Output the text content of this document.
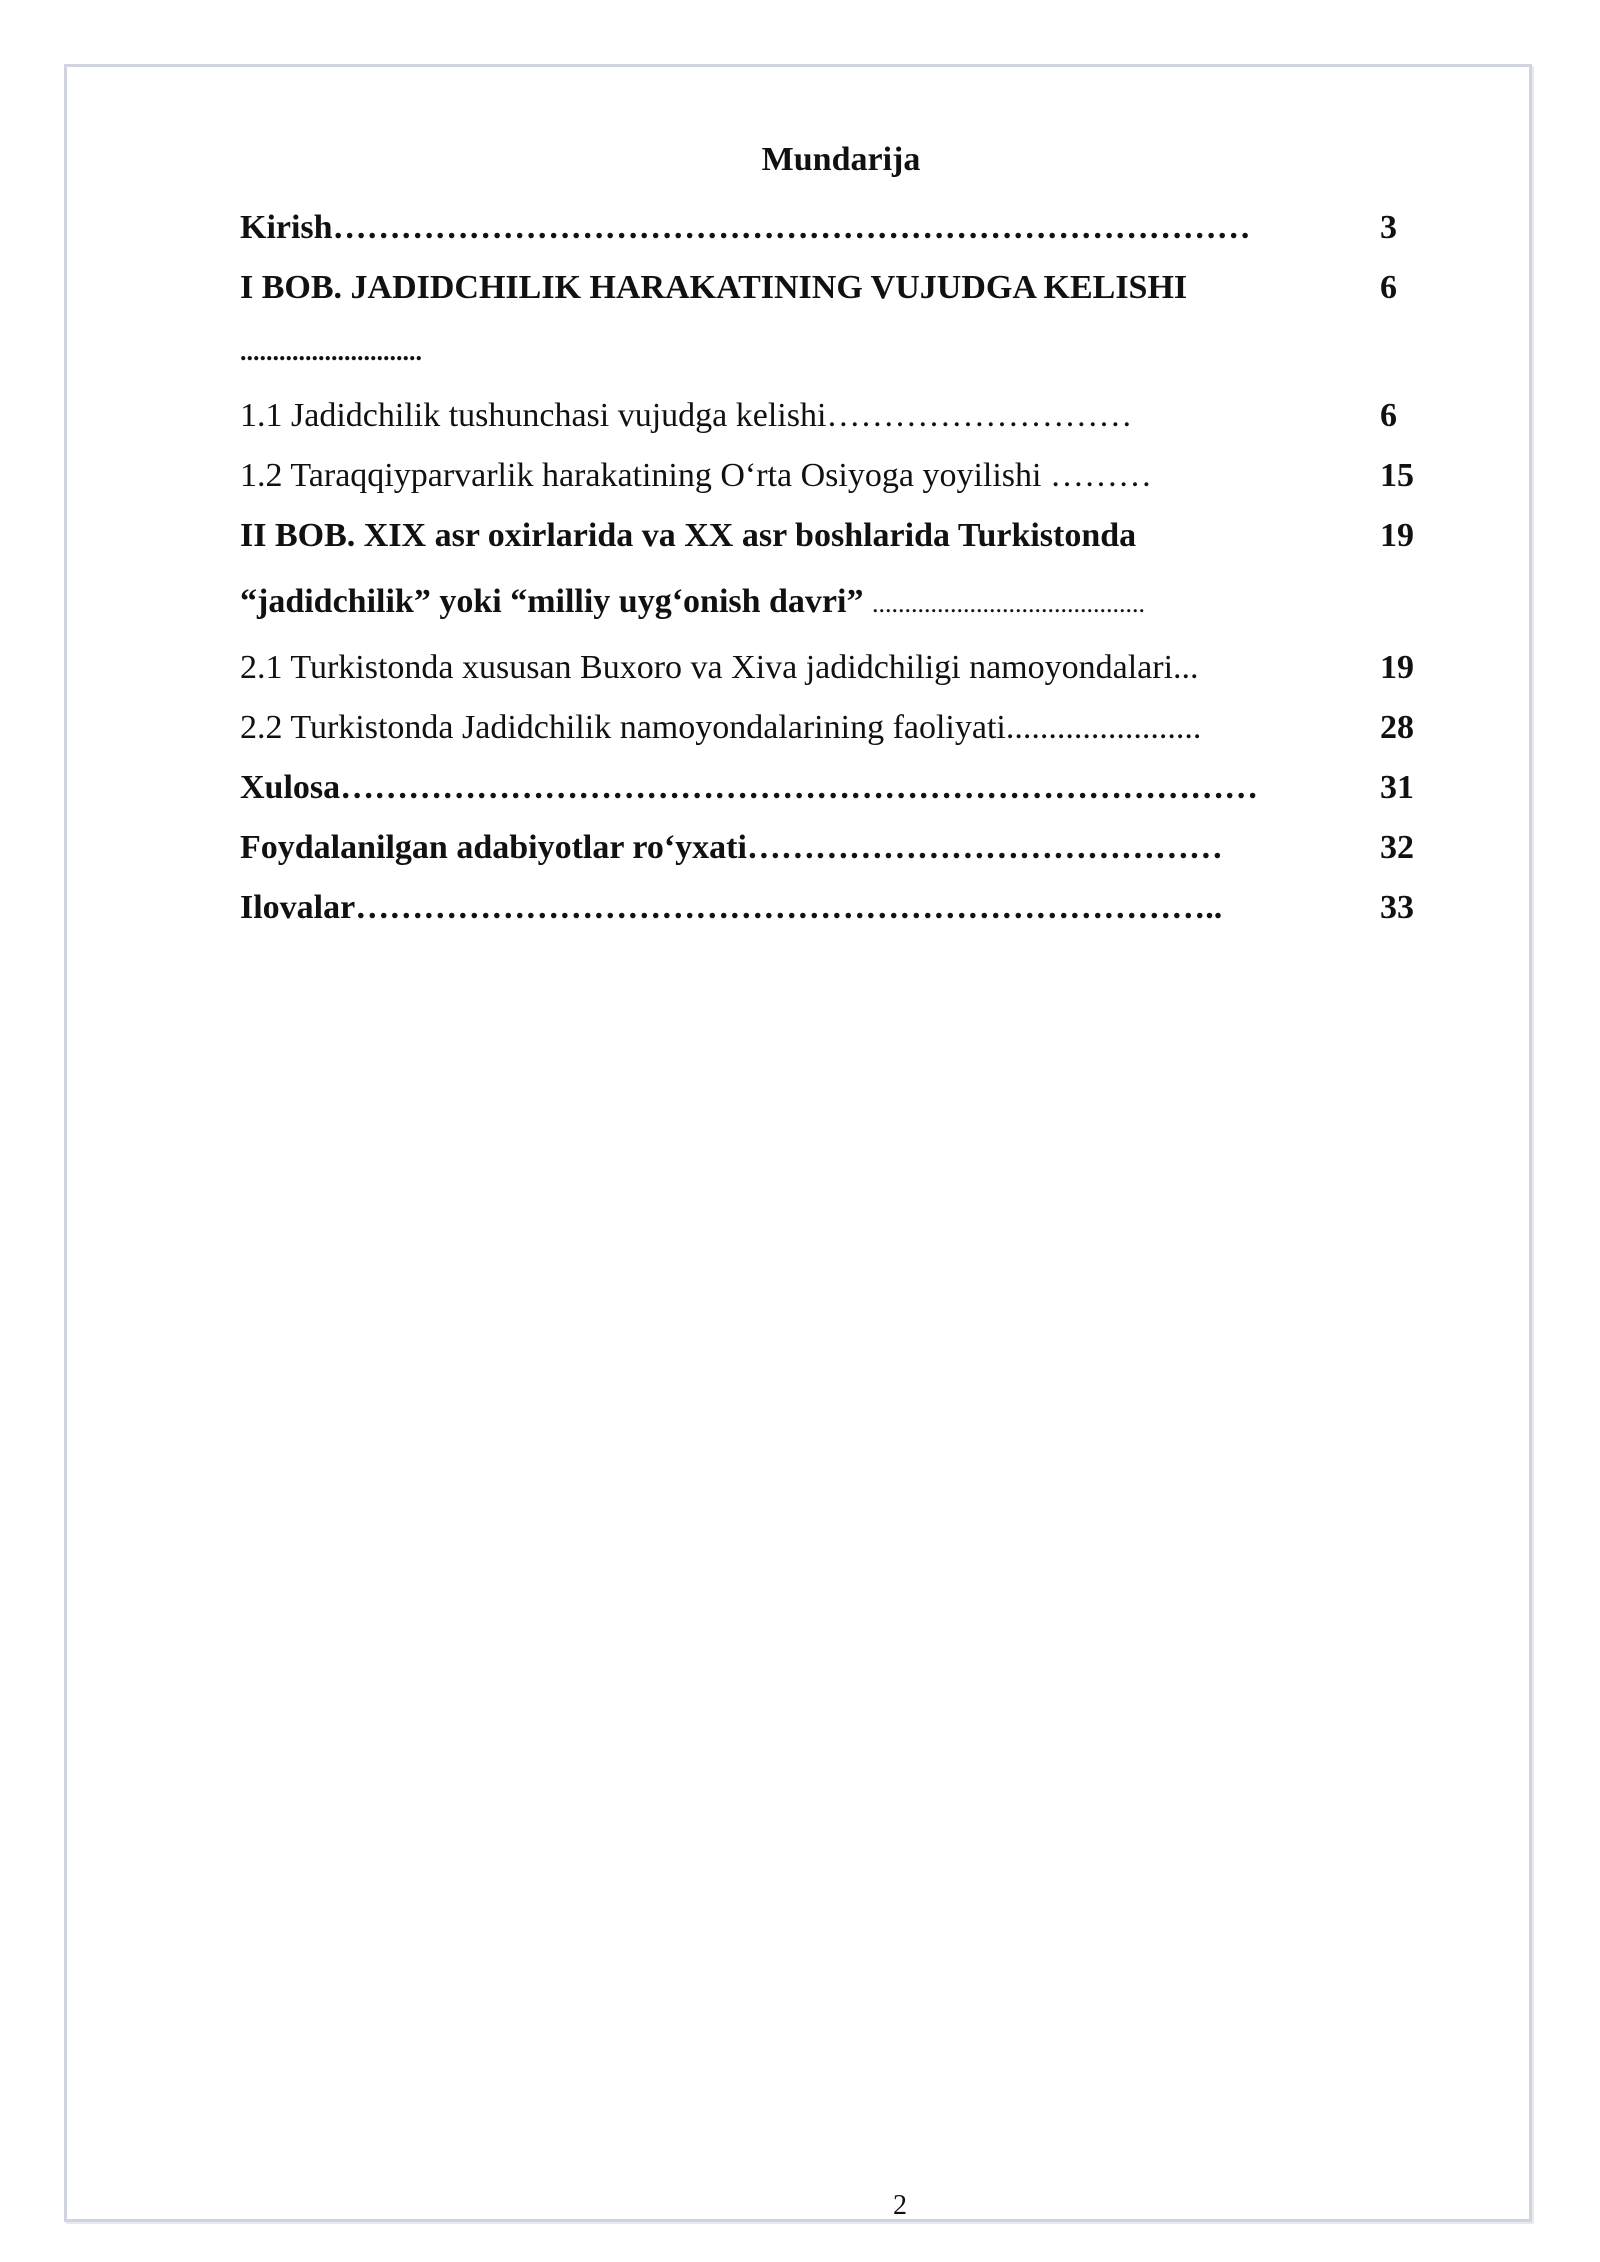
Mundarija
Kirish………………………………………………………………………	3
I BOB. JADIDCHILIK HARAKATINING VUJUDGA KELISHI	6
............................
1.1 Jadidchilik tushunchasi vujudga kelishi………………………	6
1.2 Taraqqiyparvarlik harakatining O‘rta Osiyoga yoyilishi ………	15
II BOB. XIX asr oxirlarida va XX asr boshlarida Turkistonda	19
“jadidchilik” yoki “milliy uyg‘onish davri” ..........................................
2.1 Turkistonda xususan Buxoro va Xiva jadidchiligi namoyondalari...	19
2.2 Turkistonda Jadidchilik namoyondalarining faoliyati.......................	28
Xulosa………………………………………………………………………	31
Foydalanilgan adabiyotlar ro‘yxati……………………………………	32
Ilovalar…………………………………………………………………..	33
2
